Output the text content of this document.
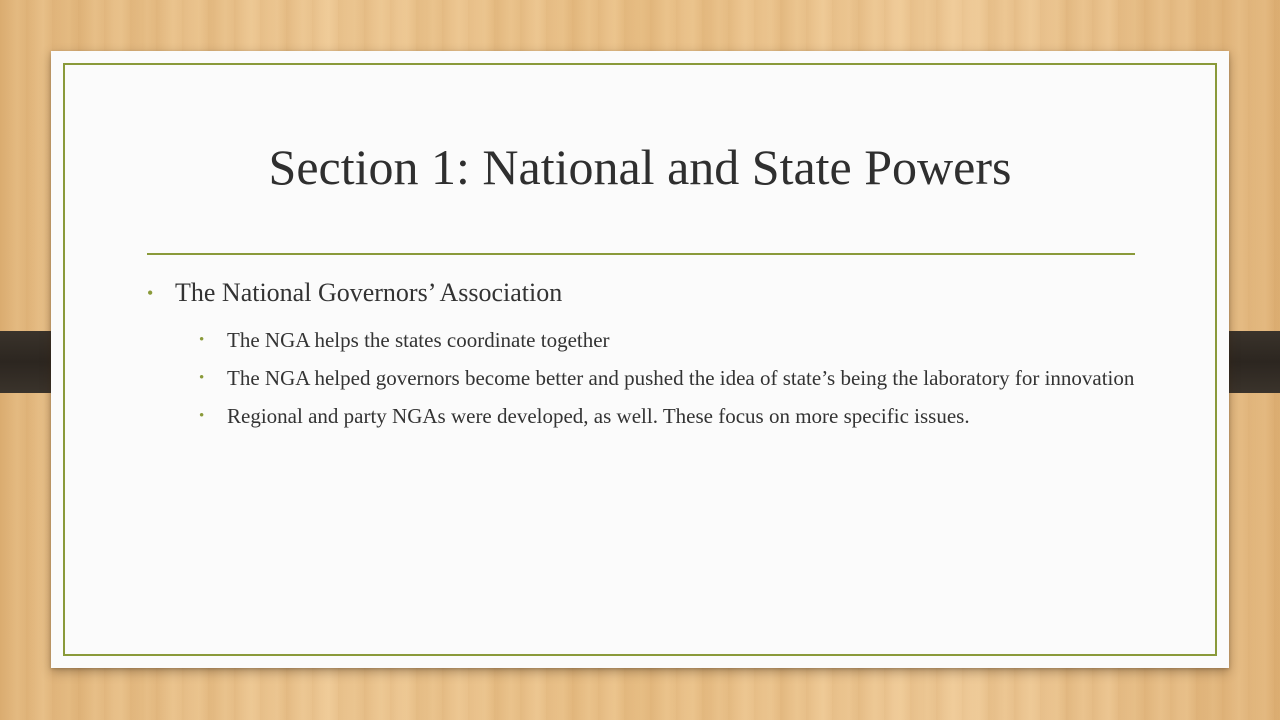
Section 1: National and State Powers
• The National Governors’ Association
• The NGA helps the states coordinate together
• The NGA helped governors become better and pushed the idea of state’s being the laboratory for innovation
• Regional and party NGAs were developed, as well. These focus on more specific issues.
